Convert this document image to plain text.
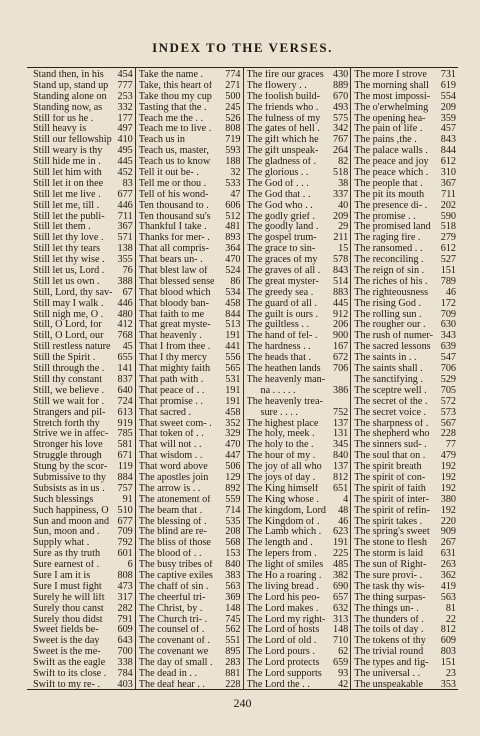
INDEX TO THE VERSES.
Stand then, in his	454
Stand up, stand up 777
Standing alone on	253
Standing now, as	332
Still for us he .	177
Still heavy is	497
Still our fellowship 410
Still weary is thy	495
Still hide me in .	445
Still let him with	452
Still let it on thee	83
Still let me live .	677
Still let me, till .	446
Still let the publi-	711
Still let them .	367
Still let thy love .	571
Still let thy tears	138
Still let thy wise .	355
Still let us, Lord .	76
Still let us own .	388
Still, Lord, thy sav- 67
Still may I walk .	446
Still nigh me, O .	480
Still, O Lord, for	412
Still, O Lord, our	768
Still restless nature	45
Still the Spirit .	655
Still through the .	141
Still thy constant	837
Still, we believe .	640
Still we wait for .	724
Strangers and pil-	613
Stretch forth thy	919
Strive we in affec- 785
Stronger his love	581
Struggle through	671
Stung by the scor-	119
Submissive to thy	884
Subsists as in us .	757
Such blessings	91
Such happiness, O 510
Sun and moon and 677
Sun, moon and .	709
Supply what .	792
Sure as thy truth	601
Sure earnest of .	6
Sure I am it is	808
Sure I must fight	473
Surely he will lift	317
Surely thou canst	282
Surely thou didst	791
Sweet fields be-	609
Sweet is the day	643
Sweet is the me-	700
Swift as the eagle	338
Swift to its close .	784
Swift to my re- .	403
Take the name .	774
Take, this heart of	271
Take thou my cup	500
Tasting that the .	245
Teach me the . .	526
Teach me to live .	808
Teach us in	719
Teach us, master,	593
Teach us to know	188
Tell it out be- .	32
Tell me or thou .	533
Tell of his wond-	47
Ten thousand to .	606
Ten thousand su's	512
Thankful I take .	481
Thanks for mer- .	893
That all compris-	364
That bears un- .	470
That blest law of	524
That blessed sense	86
That blood which	534
That bloody ban-	458
That faith to me	844
That great myste-	513
That heavenly .	191
That I from thee .	441
That I thy mercy	556
That mighty faith	565
That path with .	531
That peace of . .	191
That promise . .	191
That sacred .	458
That sweet com- .	352
That token of . .	329
That will not . .	470
That wisdom . .	447
That word above	506
The apostles join	129
The arrow is . .	892
The atonement of	559
The beam that .	714
The blessing of .	535
The blind are re-	208
The bliss of those	568
The blood of . .	153
The busy tribes of	840
The captive exiles	383
The chaff of sin .	563
The cheerful tri-	369
The Christ, by .	148
The Church tri- .	745
The counsel of .	562
The covenant of .	551
The covenant we	895
The day of small .	283
The dead in . .	881
The deaf hear . .	228
The fire our graces 430
The flowery . .	889
The foolish build-	670
The friends who .	493
The fulness of my	575
The gates of hell .	342
The gift which he	767
The gift unspeak-	264
The gladness of .	82
The glorious . .	518
The God of . . .	38
The God that . .	337
The God who . .	40
The godly grief .	209
The goodly land .	29
The gospel trum-	211
The grace to sin-	15
The graces of my	578
The graves of all .	843
The great myster-	514
The greedy sea .	883
The guard of all .	445
The guilt is ours .	912
The guiltless . .	206
The hand of fel- .	900
The hardness . .	167
The heads that .	672
The heathen lands	706
The heavenly man-
na . . . . .	386
The heavenly trea-
sure . . . .	752
The highest place	137
The holy, meek .	131
The holy to the .	345
The hour of my .	840
The joy of all who	137
The joys of day .	812
The King himself	651
The King whose .	4
The kingdom, Lord	48
The Kingdom of .	46
The Lamb which .	623
The length and .	191
The lepers from .	225
The light of smiles 485
The Ho a roaring .	382
The living bread .	690
The Lord his peo-	657
The Lord makes .	632
The Lord my right- 313
The Lord of hosts	148
The Lord of old .	710
The Lord pours .	62
The Lord protects	659
The Lord supports	93
The Lord the . .	42
The more I strove	731
The morning shall	619
The most impossi-	554
The o'erwhelming	209
The opening hea-	359
The pain of life .	457
The pains ,the .	843
The palace walls .	844
The peace and joy	612
The peace which .	310
The people that .	367
The pit its mouth	711
The presence di- .	202
The promise . .	590
The promised land 518
The raging fire .	279
The ransomed . .	612
The reconciling .	527
The reign of sin .	151
The riches of his .	789
The righteousness	46
The rising God .	172
The rolling sun .	709
The rougher our .	630
The rush of numer- 343
The sacred lessons 639
The saints in . .	547
The saints shall .	706
The sanctifying .	529
The sceptre well .	705
The secret of the .	572
The secret voice .	573
The sharpness of .	567
The shepherd who	228
The sinners sud- .	77
The soul that on .	479
The spirit breath	192
The spirit of con-	192
The spirit of faith	192
The spirit of inter-	380
The spirit of refin-	192
The spirit takes .	220
The spring's sweet	909
The stone to flesh	267
The storm is laid	631
The sun of Right-	263
The sure provi- .	362
The task thy wis-	419
The thing surpas-	563
The things un- .	81
The thunders of .	22
The toils of day .	812
The tokens of thy	609
The trivial round	803
The types and fig-	151
The universal . .	23
The unspeakable	353
240
